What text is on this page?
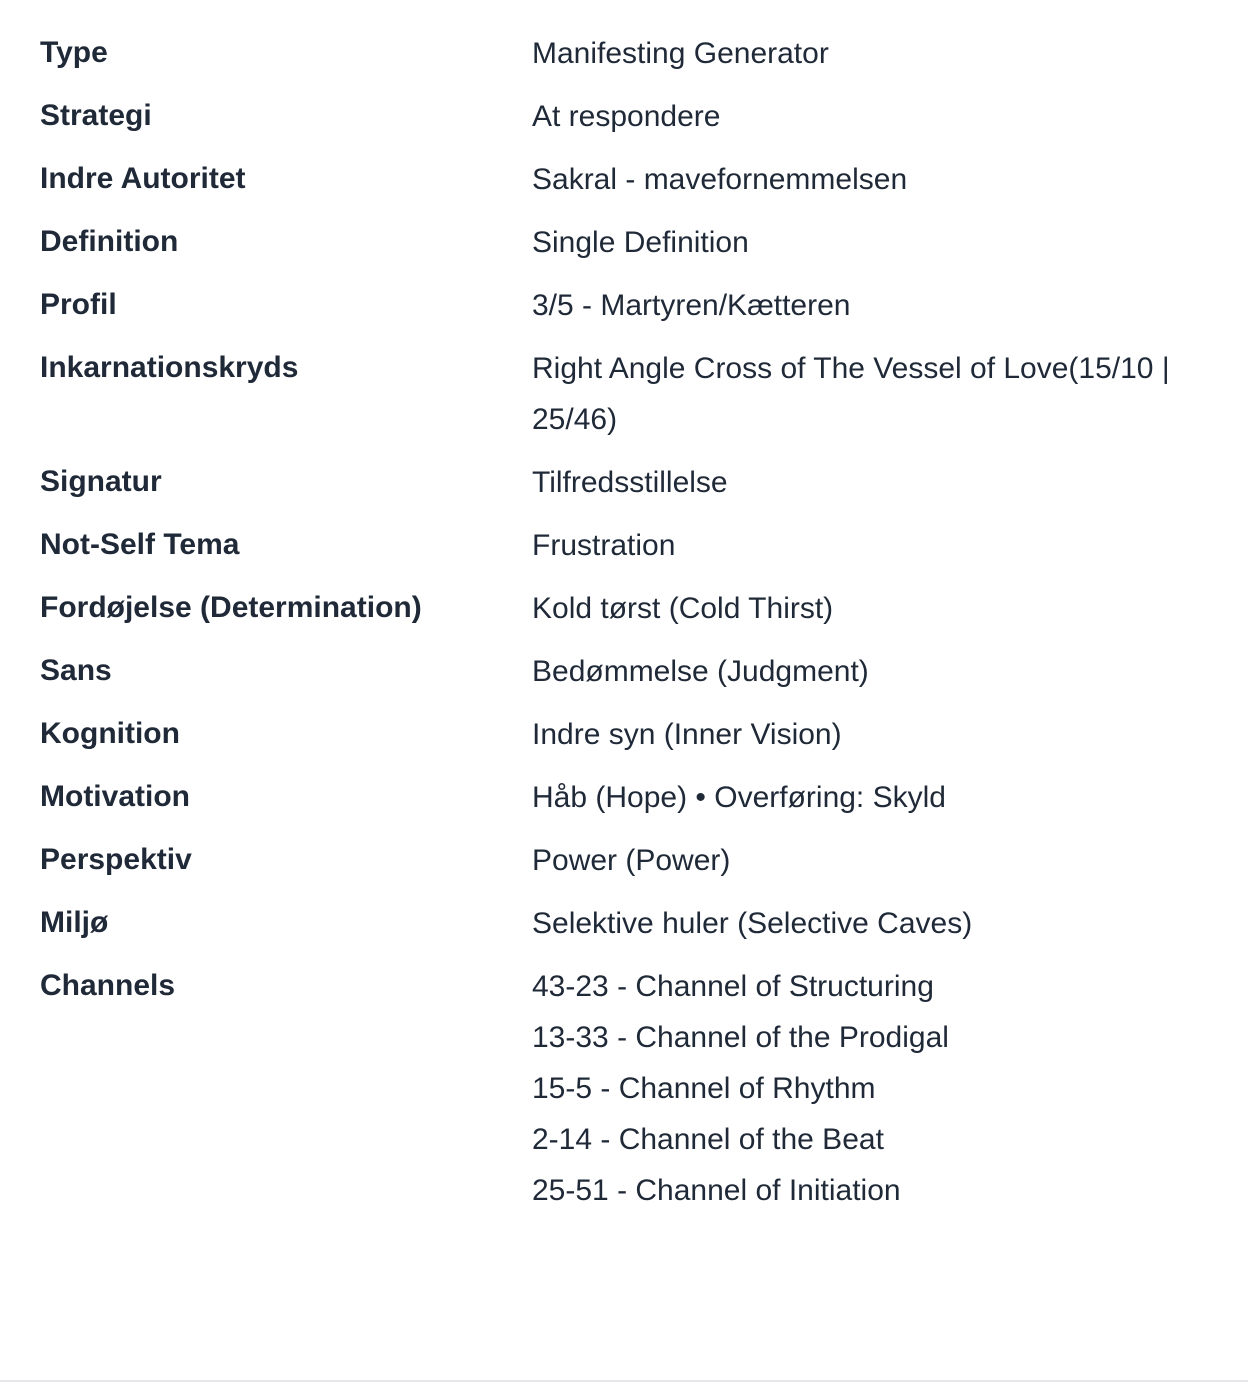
Type	Manifesting Generator
Strategi	At respondere
Indre Autoritet	Sakral - mavefornemmelsen
Definition	Single Definition
Profil	3/5 - Martyren/Kætteren
Inkarnationskryds	Right Angle Cross of The Vessel of Love(15/10 | 25/46)
Signatur	Tilfredsstillelse
Not-Self Tema	Frustration
Fordøjelse (Determination)	Kold tørst (Cold Thirst)
Sans	Bedømmelse (Judgment)
Kognition	Indre syn (Inner Vision)
Motivation	Håb (Hope) • Overføring: Skyld
Perspektiv	Power (Power)
Miljø	Selektive huler (Selective Caves)
Channels	43-23 - Channel of Structuring
13-33 - Channel of the Prodigal
15-5 - Channel of Rhythm
2-14 - Channel of the Beat
25-51 - Channel of Initiation
